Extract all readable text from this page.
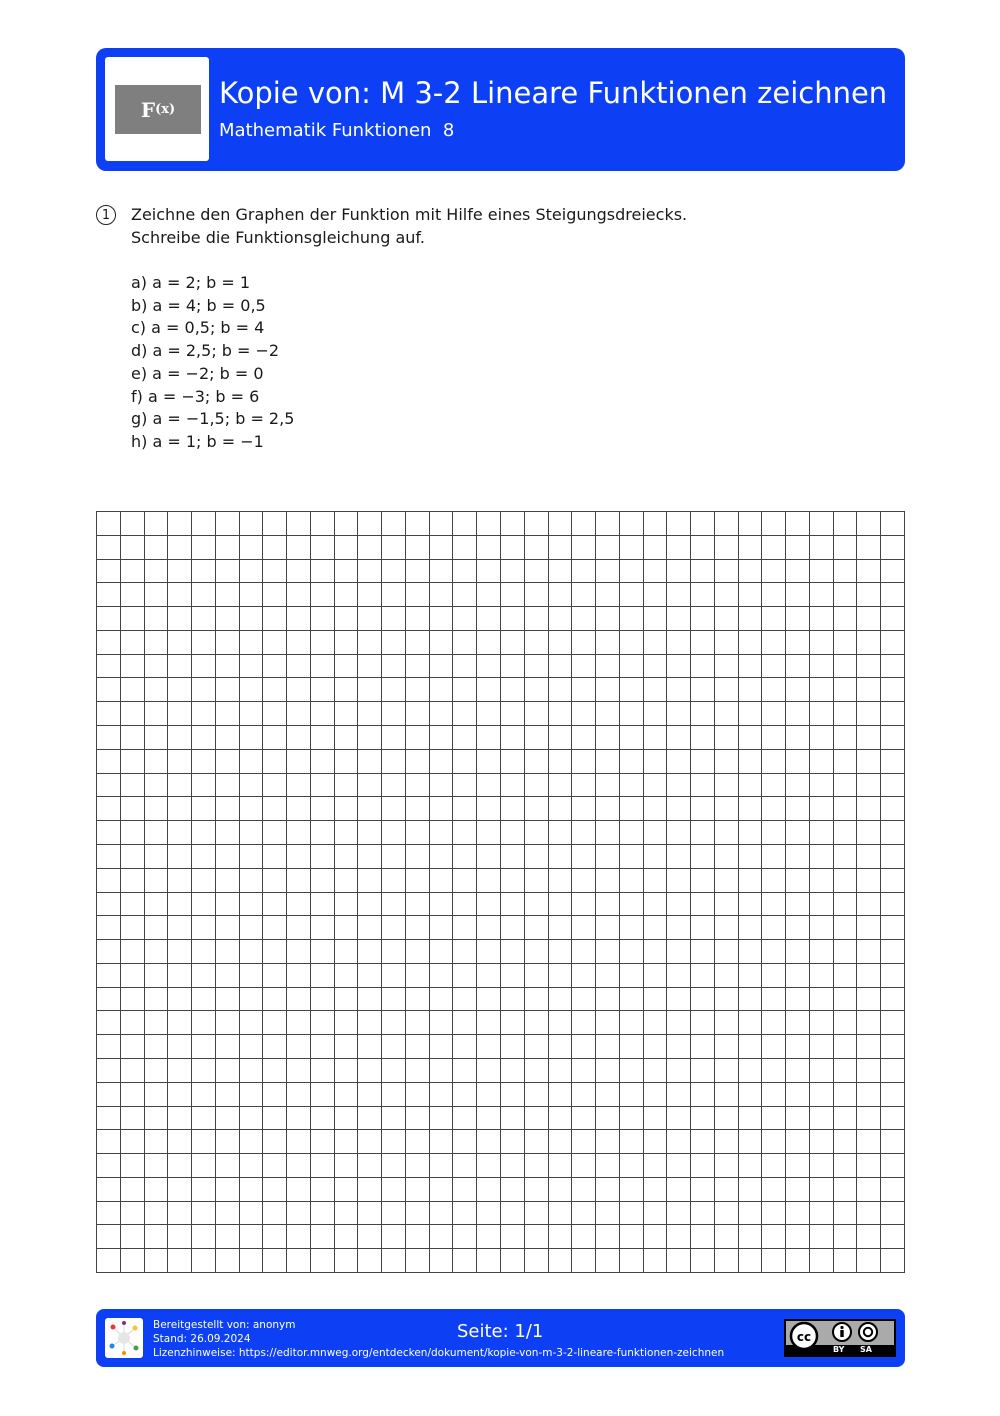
F (x) Kopie von: M 3-2 Lineare Funktionen zeichnen
Mathematik Funktionen  8
1	Zeichne den Graphen der Funktion mit Hilfe eines Steigungsdreiecks.
Schreibe die Funktionsgleichung auf.
a) a = 2; b = 1
b) a = 4; b = 0,5
c) a = 0,5; b = 4
d) a = 2,5; b = −2
e) a = −2; b = 0
f) a = −3; b = 6
g) a = −1,5; b = 2,5
h) a = 1; b = −1
Bereitgestellt von: anonym
Stand: 26.09.2024
Lizenzhinweise: https://editor.mnweg.org/entdecken/dokument/kopie-von-m-3-2-lineare-funktionen-zeichnen
Seite: 1/1	cc
BY SA
